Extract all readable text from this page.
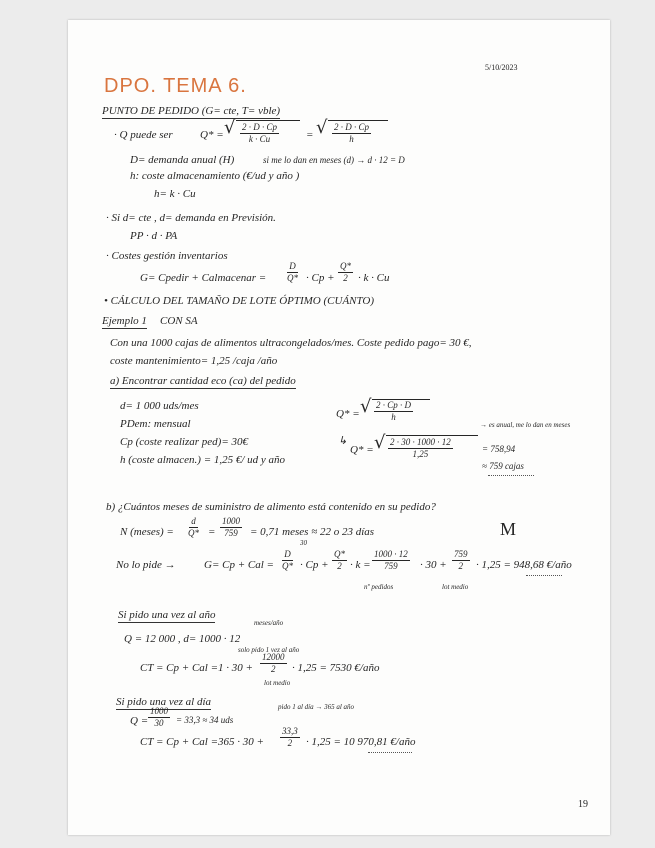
5/10/2023
DPO. TEMA 6.
PUNTO DE PEDIDO (G= cte, T= vble)
· Q puede ser Q* = √ $\frac{2 \cdot D \cdot Cp}{k \cdot Cu}$ = √ $\frac{2 \cdot D \cdot Cp}{h}$
D= demanda anual (H)	si me lo dan en meses (d) → d · 12 = D
h: coste almacenamiento (€/ud y año )
h= k · Cu
· Si d= cte , d= demanda en Previsión.
PP · d · PA
· Costes gestión inventarios
G= Cpedir + Calmacenar = $\frac{D}{Q*} \cdot Cp + \frac{Q*}{2} \cdot k \cdot Cu$
• CÁLCULO DEL TAMAÑO DE LOTE ÓPTIMO (CUÁNTO)
Ejemplo 1 CON SA
Con una 1000 cajas de alimentos ultracongelados/mes. Coste pedido pago= 30 €,
coste mantenimiento= 1,25 /caja /año
a) Encontrar cantidad eco (ca) del pedido
d= 1 000 uds/mes
PDem: mensual
Cp (coste realizar ped)= 30€
h (coste almacen.) = 1,25 €/ ud y año
Q* = √ $\frac{2 \cdot Cp \cdot D}{h}$
↳
Q* = √ $\frac{2 \cdot 30 \cdot 1000 \cdot 12}{1,25}$	= 758,94
≈ 759 cajas
→ es anual, me lo dan en meses
b) ¿Cuántos meses de suministro de alimento está contenido en su pedido?
N (meses) = $\frac{d}{Q*} = \frac{1000}{759} = 0,71$ meses ≈ 22 o 23 días
30
M
No lo pide →	G= Cp + Cal = $\frac{D}{Q*} \cdot Cp + \frac{Q*}{2} \cdot k = \frac{1000 \cdot 12}{759} \cdot 30 + \frac{759}{2} \cdot 1,25 = 948,68$ €/año
nº pedidos	lot medio
Si pido una vez al año
meses/año
Q = 12 000 , d= 1000 · 12
solo pido 1 vez al año
CT = Cp + Cal = $1 \cdot 30 + \frac{12000}{2} \cdot 1,25 = 7530$ €/año
lot medio
Si pido una vez al día
$Q = \frac{1000}{30} = 33,3 \approx 34$ uds
pido 1 al día → 365 al año
CT = Cp + Cal = $365 \cdot 30 + \frac{33,3}{2} \cdot 1,25 = 10$ 970,81 €/año
19
